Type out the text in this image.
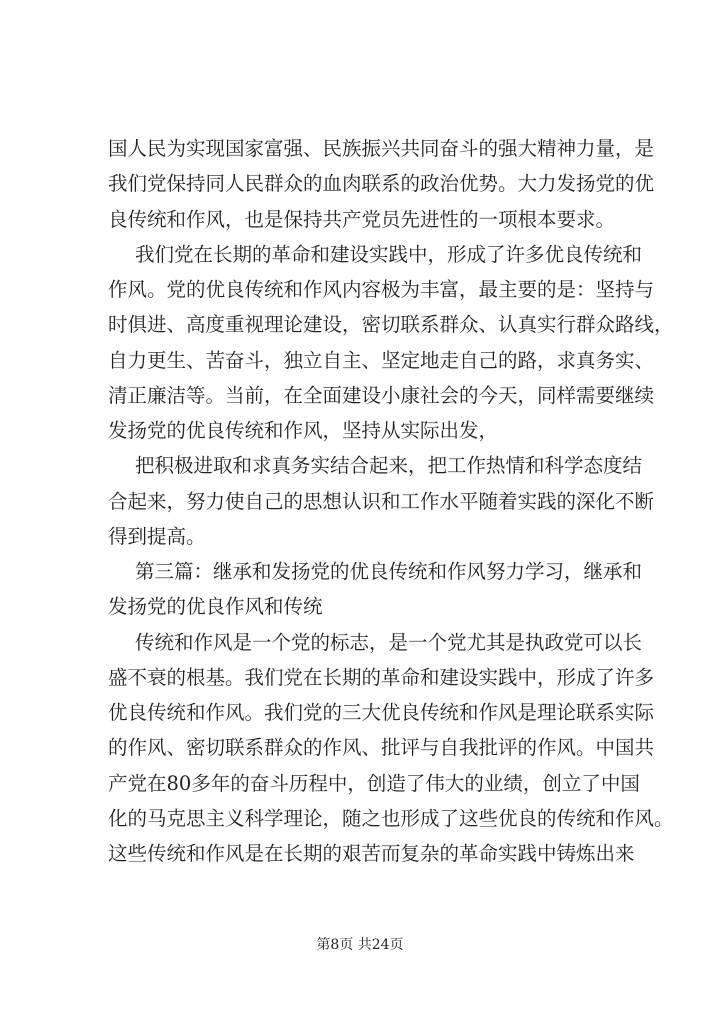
国人民为实现国家富强、民族振兴共同奋斗的强大精神力量，是
我们党保持同人民群众的血肉联系的政治优势。大力发扬党的优
良传统和作风，也是保持共产党员先进性的一项根本要求。
我们党在长期的革命和建设实践中，形成了许多优良传统和
作风。党的优良传统和作风内容极为丰富，最主要的是：坚持与
时俱进、高度重视理论建设，密切联系群众、认真实行群众路线，
自力更生、苦奋斗，独立自主、坚定地走自己的路，求真务实、
清正廉洁等。当前，在全面建设小康社会的今天，同样需要继续
发扬党的优良传统和作风，坚持从实际出发，
把积极进取和求真务实结合起来，把工作热情和科学态度结
合起来，努力使自己的思想认识和工作水平随着实践的深化不断
得到提高。
第三篇：继承和发扬党的优良传统和作风努力学习，继承和
发扬党的优良作风和传统
传统和作风是一个党的标志，是一个党尤其是执政党可以长
盛不衰的根基。我们党在长期的革命和建设实践中，形成了许多
优良传统和作风。我们党的三大优良传统和作风是理论联系实际
的作风、密切联系群众的作风、批评与自我批评的作风。中国共
产党在80多年的奋斗历程中，创造了伟大的业绩，创立了中国
化的马克思主义科学理论，随之也形成了这些优良的传统和作风。
这些传统和作风是在长期的艰苦而复杂的革命实践中铸炼出来
第8页 共24页
